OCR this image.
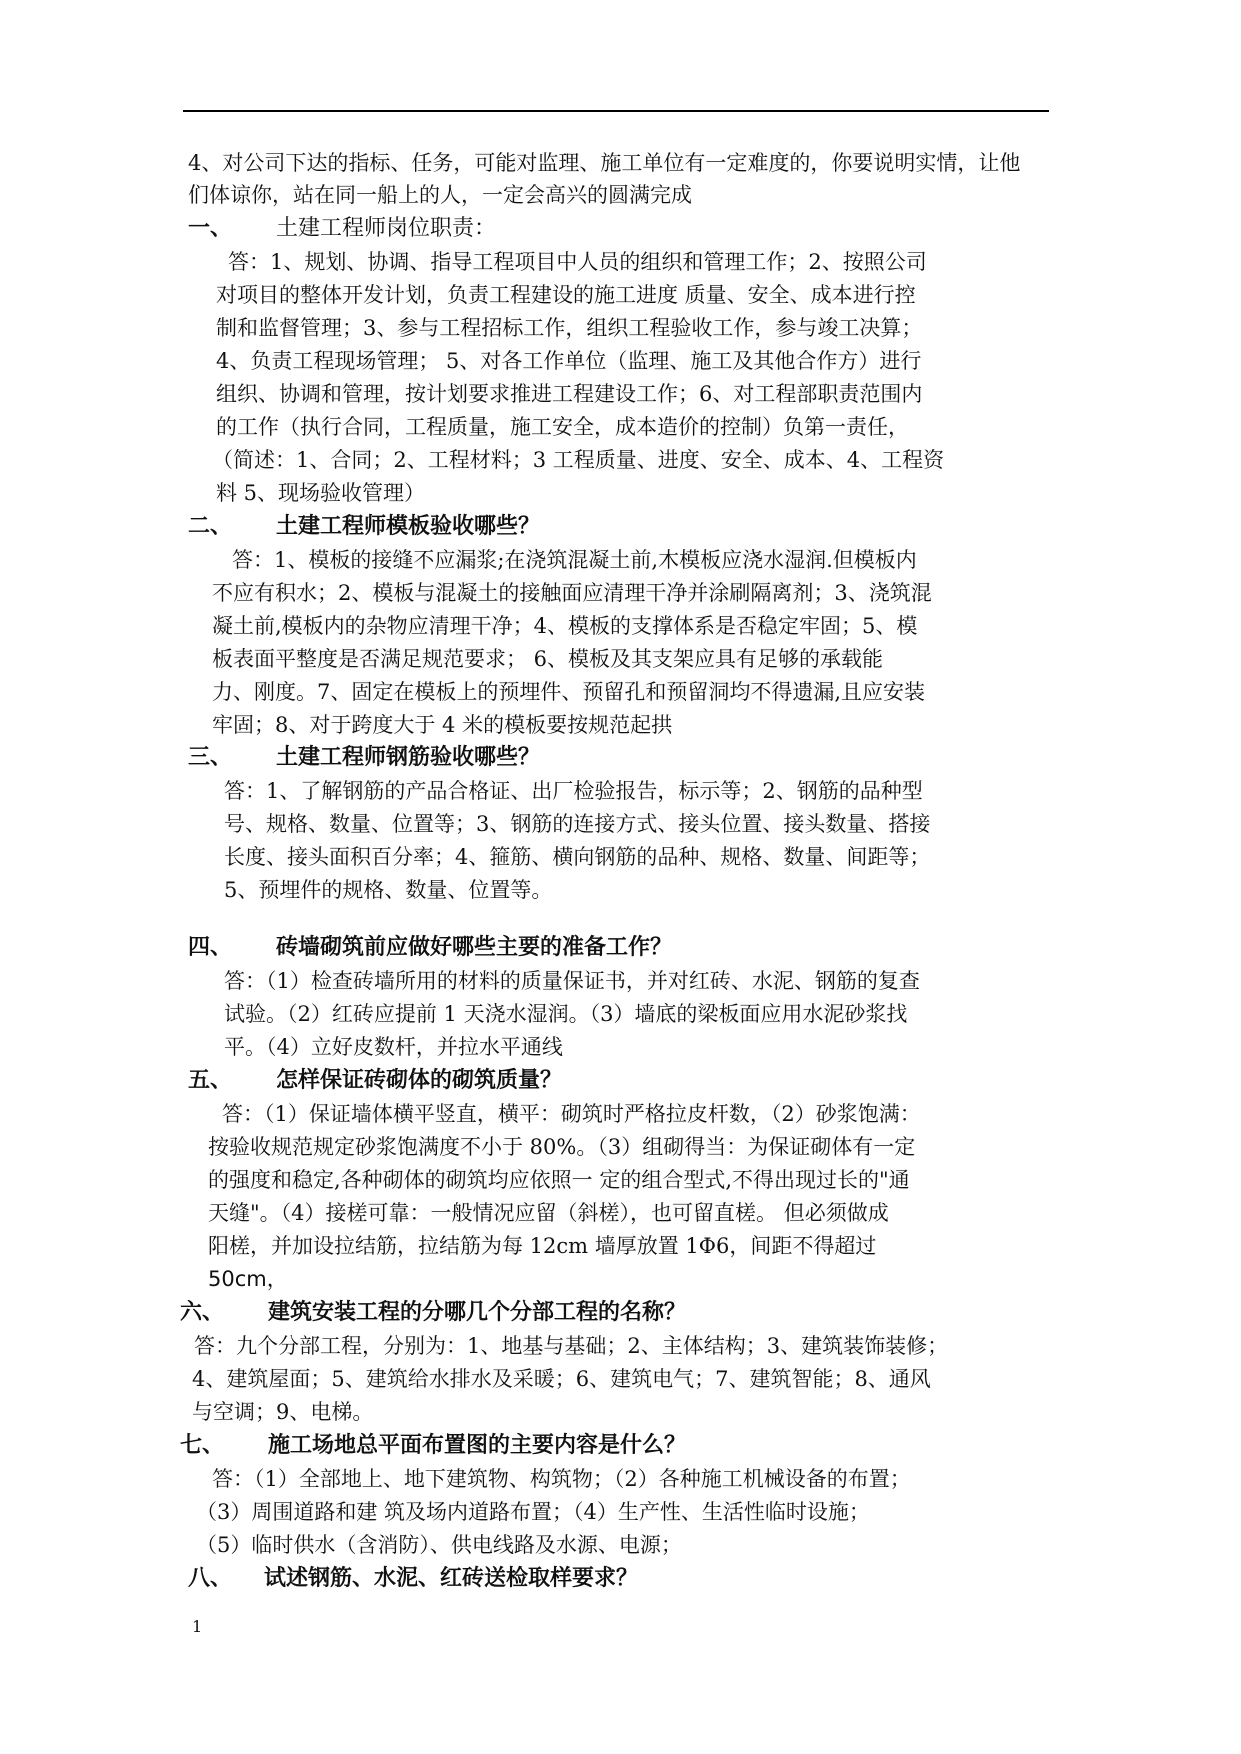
4、对公司下达的指标、任务，可能对监理、施工单位有一定难度的，你要说明实情，让他
们体谅你，站在同一船上的人，一定会高兴的圆满完成
一、 土建工程师岗位职责：
答：1、规划、协调、指导工程项目中人员的组织和管理工作；2、按照公司
对项目的整体开发计划，负责工程建设的施工进度 质量、安全、成本进行控
制和监督管理；3、参与工程招标工作，组织工程验收工作，参与竣工决算；
4、负责工程现场管理； 5、对各工作单位（监理、施工及其他合作方）进行
组织、协调和管理，按计划要求推进工程建设工作；6、对工程部职责范围内
的工作（执行合同，工程质量，施工安全，成本造价的控制）负第一责任，
（简述：1、合同；2、工程材料；3 工程质量、进度、安全、成本、4、工程资
料 5、现场验收管理）
二、 土建工程师模板验收哪些？
答：1、模板的接缝不应漏浆;在浇筑混凝土前,木模板应浇水湿润.但模板内
不应有积水；2、模板与混凝土的接触面应清理干净并涂刷隔离剂；3、浇筑混
凝土前,模板内的杂物应清理干净；4、模板的支撑体系是否稳定牢固；5、模
板表面平整度是否满足规范要求； 6、模板及其支架应具有足够的承载能
力、刚度。7、固定在模板上的预埋件、预留孔和预留洞均不得遗漏,且应安装
牢固；8、对于跨度大于 4 米的模板要按规范起拱
三、 土建工程师钢筋验收哪些？
答：1、了解钢筋的产品合格证、出厂检验报告，标示等；2、钢筋的品种型
号、规格、数量、位置等；3、钢筋的连接方式、接头位置、接头数量、搭接
长度、接头面积百分率；4、箍筋、横向钢筋的品种、规格、数量、间距等；
5、预埋件的规格、数量、位置等。
四、 砖墙砌筑前应做好哪些主要的准备工作？
答：（1）检查砖墙所用的材料的质量保证书，并对红砖、水泥、钢筋的复查
试验。（2）红砖应提前 1 天浇水湿润。（3）墙底的梁板面应用水泥砂浆找
平。（4）立好皮数杆，并拉水平通线
五、 怎样保证砖砌体的砌筑质量？
答：（1）保证墙体横平竖直，横平：砌筑时严格拉皮杆数，（2）砂浆饱满：
按验收规范规定砂浆饱满度不小于 80%。（3）组砌得当：为保证砌体有一定
的强度和稳定,各种砌体的砌筑均应依照一 定的组合型式,不得出现过长的"通
天缝"。（4）接槎可靠：一般情况应留（斜槎），也可留直槎。 但必须做成
阳槎，并加设拉结筋，拉结筋为每 12cm 墙厚放置 1Φ6，间距不得超过
50cm，
六、 建筑安装工程的分哪几个分部工程的名称？
答：九个分部工程，分别为：1、地基与基础；2、主体结构；3、建筑装饰装修；
4、建筑屋面；5、建筑给水排水及采暖；6、建筑电气；7、建筑智能；8、通风
与空调；9、电梯。
七、 施工场地总平面布置图的主要内容是什么？
答：（1）全部地上、地下建筑物、构筑物；（2）各种施工机械设备的布置；
（3）周围道路和建 筑及场内道路布置；（4）生产性、生活性临时设施；
（5）临时供水（含消防）、供电线路及水源、电源；
八、 试述钢筋、水泥、红砖送检取样要求？
1
